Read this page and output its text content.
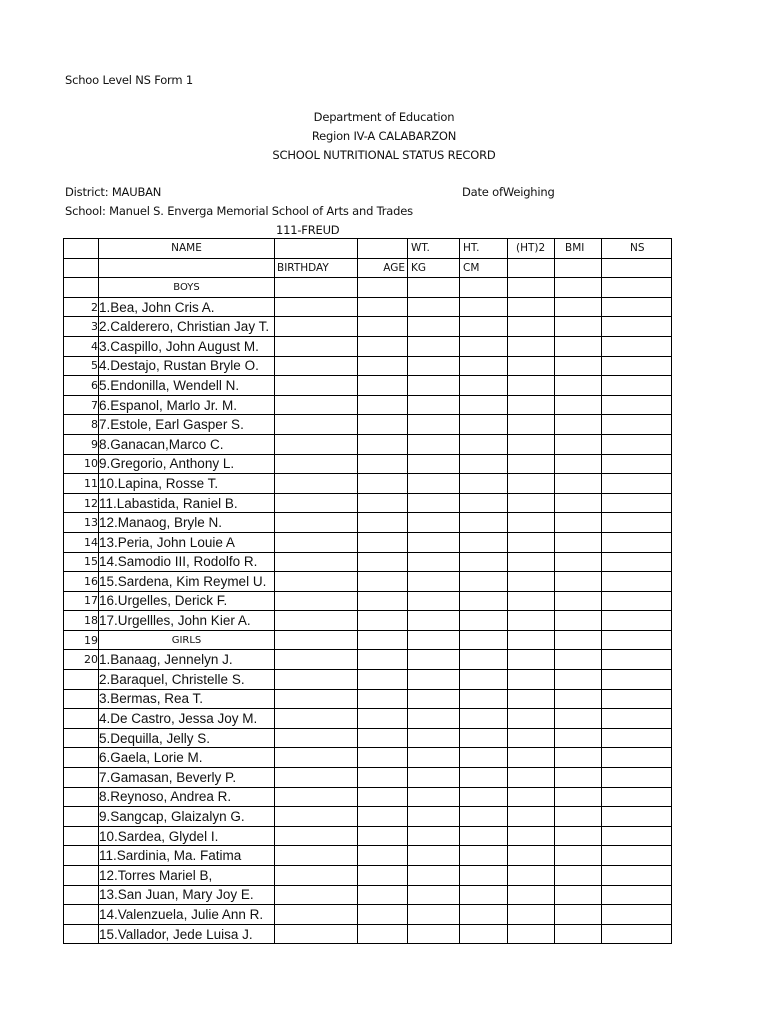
Schoo Level NS Form 1
Department of Education
Region IV-A CALABARZON
SCHOOL NUTRITIONAL STATUS RECORD
District: MAUBAN	Date ofWeighing
School: Manuel S. Enverga Memorial School of Arts and Trades
111-FREUD
	NAME			WT.	HT.	(HT)2	BMI	NS
		BIRTHDAY	AGE	KG	CM			
	BOYS							
2	1.Bea, John Cris A.							
3	2.Calderero, Christian Jay T.							
4	3.Caspillo, John August M.							
5	4.Destajo, Rustan Bryle O.							
6	5.Endonilla, Wendell N.							
7	6.Espanol, Marlo Jr. M.							
8	7.Estole, Earl Gasper S.							
9	8.Ganacan,Marco C.							
10	9.Gregorio, Anthony L.							
11	10.Lapina, Rosse T.							
12	11.Labastida, Raniel B.							
13	12.Manaog, Bryle N.							
14	13.Peria, John Louie A							
15	14.Samodio III, Rodolfo R.							
16	15.Sardena, Kim Reymel U.							
17	16.Urgelles, Derick F.							
18	17.Urgellles, John Kier A.							
19	GIRLS							
20	1.Banaag, Jennelyn J.							
	2.Baraquel, Christelle S.							
	3.Bermas, Rea T.							
	4.De Castro, Jessa Joy M.							
	5.Dequilla, Jelly S.							
	6.Gaela, Lorie M.							
	7.Gamasan, Beverly P.							
	8.Reynoso, Andrea R.							
	9.Sangcap, Glaizalyn G.							
	10.Sardea, Glydel I.							
	11.Sardinia, Ma. Fatima							
	12.Torres Mariel B,							
	13.San Juan, Mary Joy E.							
	14.Valenzuela, Julie Ann R.							
	15.Vallador, Jede Luisa J.							
